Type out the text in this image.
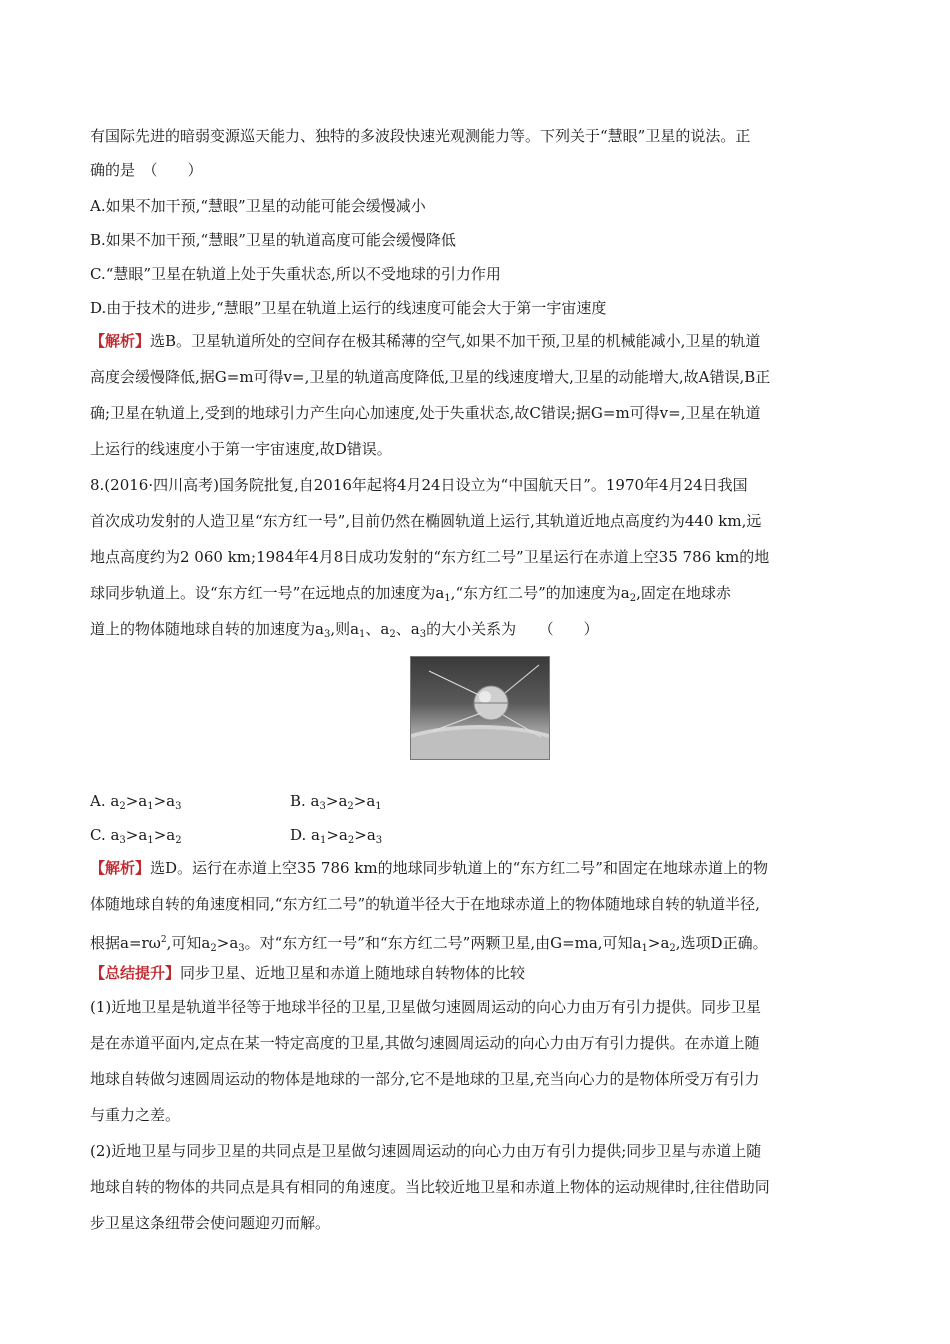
有国际先进的暗弱变源巡天能力、独特的多波段快速光观测能力等。下列关于“慧眼”卫星的说法。正
确的是　（　　）
A.如果不加干预,“慧眼”卫星的动能可能会缓慢减小
B.如果不加干预,“慧眼”卫星的轨道高度可能会缓慢降低
C.“慧眼”卫星在轨道上处于失重状态,所以不受地球的引力作用
D.由于技术的进步,“慧眼”卫星在轨道上运行的线速度可能会大于第一宇宙速度
【解析】选B。卫星轨道所处的空间存在极其稀薄的空气,如果不加干预,卫星的机械能减小,卫星的轨道
高度会缓慢降低,据G=m可得v=,卫星的轨道高度降低,卫星的线速度增大,卫星的动能增大,故A错误,B正
确;卫星在轨道上,受到的地球引力产生向心加速度,处于失重状态,故C错误;据G=m可得v=,卫星在轨道
上运行的线速度小于第一宇宙速度,故D错误。
8.(2016·四川高考)国务院批复,自2016年起将4月24日设立为“中国航天日”。1970年4月24日我国
首次成功发射的人造卫星“东方红一号”,目前仍然在椭圆轨道上运行,其轨道近地点高度约为440 km,远
地点高度约为2 060 km;1984年4月8日成功发射的“东方红二号”卫星运行在赤道上空35 786 km的地
球同步轨道上。设“东方红一号”在远地点的加速度为$a_1,“$东方红二号”的加速度为$a_2$,固定在地球赤
道上的物体随地球自转的加速度为$a_3$,则$a_1$、$a_2$、$a_3$的大小关系为　　（　　）
A. $a_2>a_1>a_3$	B. $a_3>a_2>a_1$
C. $a_3>a_1>a_2$	D. $a_1>a_2>a_3$
【解析】选D。运行在赤道上空35 786 km的地球同步轨道上的“东方红二号”和固定在地球赤道上的物
体随地球自转的角速度相同,“东方红二号”的轨道半径大于在地球赤道上的物体随地球自转的轨道半径,
根据$a=r\omega^2$,可知$a_2>a_3$。对“东方红一号”和“东方红二号”两颗卫星,由G=ma,可知$a_1>a_2$,选项D正确。
【总结提升】同步卫星、近地卫星和赤道上随地球自转物体的比较
(1)近地卫星是轨道半径等于地球半径的卫星,卫星做匀速圆周运动的向心力由万有引力提供。同步卫星
是在赤道平面内,定点在某一特定高度的卫星,其做匀速圆周运动的向心力由万有引力提供。在赤道上随
地球自转做匀速圆周运动的物体是地球的一部分,它不是地球的卫星,充当向心力的是物体所受万有引力
与重力之差。
(2)近地卫星与同步卫星的共同点是卫星做匀速圆周运动的向心力由万有引力提供;同步卫星与赤道上随
地球自转的物体的共同点是具有相同的角速度。当比较近地卫星和赤道上物体的运动规律时,往往借助同
步卫星这条纽带会使问题迎刃而解。
